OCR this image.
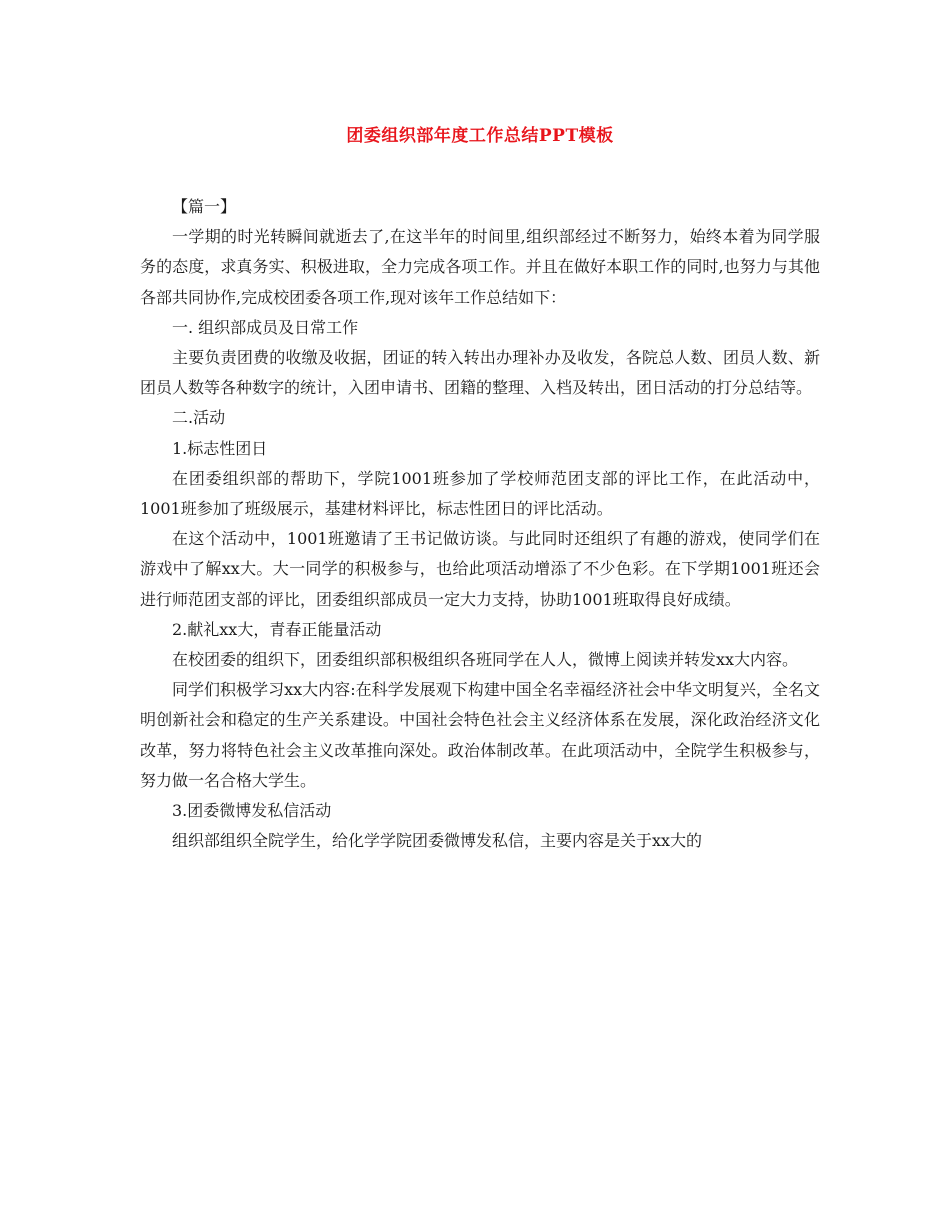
团委组织部年度工作总结PPT模板

【篇一】

一学期的时光转瞬间就逝去了,在这半年的时间里,组织部经过不断努力，始终本着为同学服务的态度，求真务实、积极进取，全力完成各项工作。并且在做好本职工作的同时,也努力与其他各部共同协作,完成校团委各项工作,现对该年工作总结如下：

一. 组织部成员及日常工作

主要负责团费的收缴及收据，团证的转入转出办理补办及收发，各院总人数、团员人数、新团员人数等各种数字的统计，入团申请书、团籍的整理、入档及转出，团日活动的打分总结等。

二.活动

1.标志性团日

在团委组织部的帮助下，学院1001班参加了学校师范团支部的评比工作，在此活动中，1001班参加了班级展示，基建材料评比，标志性团日的评比活动。

在这个活动中，1001班邀请了王书记做访谈。与此同时还组织了有趣的游戏，使同学们在游戏中了解xx大。大一同学的积极参与，也给此项活动增添了不少色彩。在下学期1001班还会进行师范团支部的评比，团委组织部成员一定大力支持，协助1001班取得良好成绩。

2.献礼xx大，青春正能量活动

在校团委的组织下，团委组织部积极组织各班同学在人人，微博上阅读并转发xx大内容。

同学们积极学习xx大内容:在科学发展观下构建中国全名幸福经济社会中华文明复兴，全名文明创新社会和稳定的生产关系建设。中国社会特色社会主义经济体系在发展，深化政治经济文化改革，努力将特色社会主义改革推向深处。政治体制改革。在此项活动中，全院学生积极参与，努力做一名合格大学生。

3.团委微博发私信活动

组织部组织全院学生，给化学学院团委微博发私信，主要内容是关于xx大的
